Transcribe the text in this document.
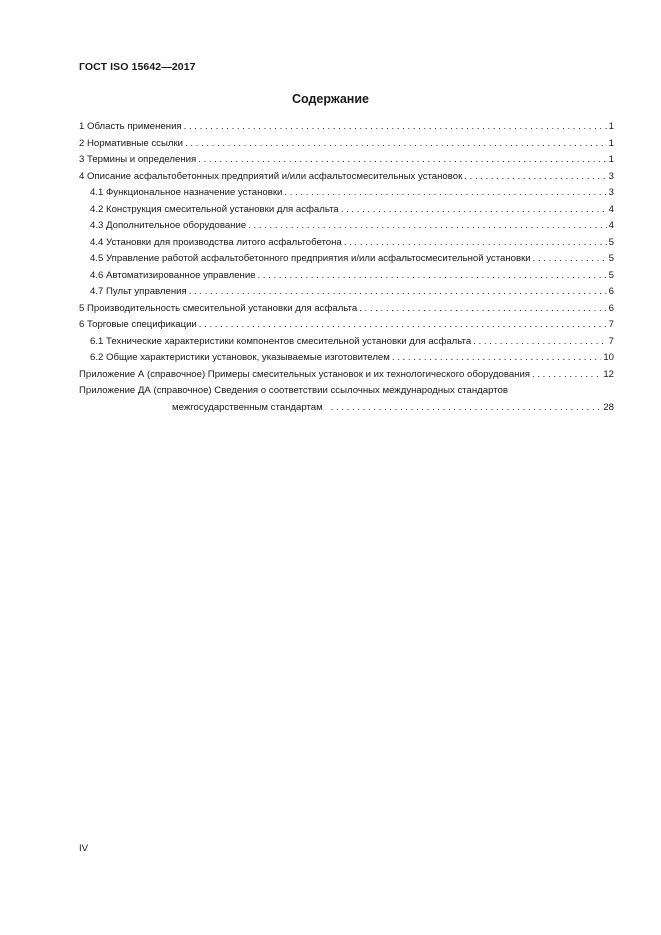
ГОСТ ISO 15642—2017
Содержание
1 Область применения . . .	1
2 Нормативные ссылки . . .	1
3 Термины и определения . . .	1
4 Описание асфальтобетонных предприятий и/или асфальтосмесительных установок . . .	3
4.1 Функциональное назначение установки . . .	3
4.2 Конструкция смесительной установки для асфальта . . .	4
4.3 Дополнительное оборудование . . .	4
4.4 Установки для производства литого асфальтобетона . . .	5
4.5 Управление работой асфальтобетонного предприятия и/или асфальтосмесительной установки . . .	5
4.6 Автоматизированное управление . . .	5
4.7 Пульт управления . . .	6
5 Производительность смесительной установки для асфальта . . .	6
6 Торговые спецификации . . .	7
6.1 Технические характеристики компонентов смесительной установки для асфальта . . .	7
6.2 Общие характеристики установок, указываемые изготовителем . . .	10
Приложение А (справочное) Примеры смесительных установок и их технологического оборудования . . .	12
Приложение ДА (справочное) Сведения о соответствии ссылочных международных стандартов
межгосударственным стандартам . . .	28
IV
